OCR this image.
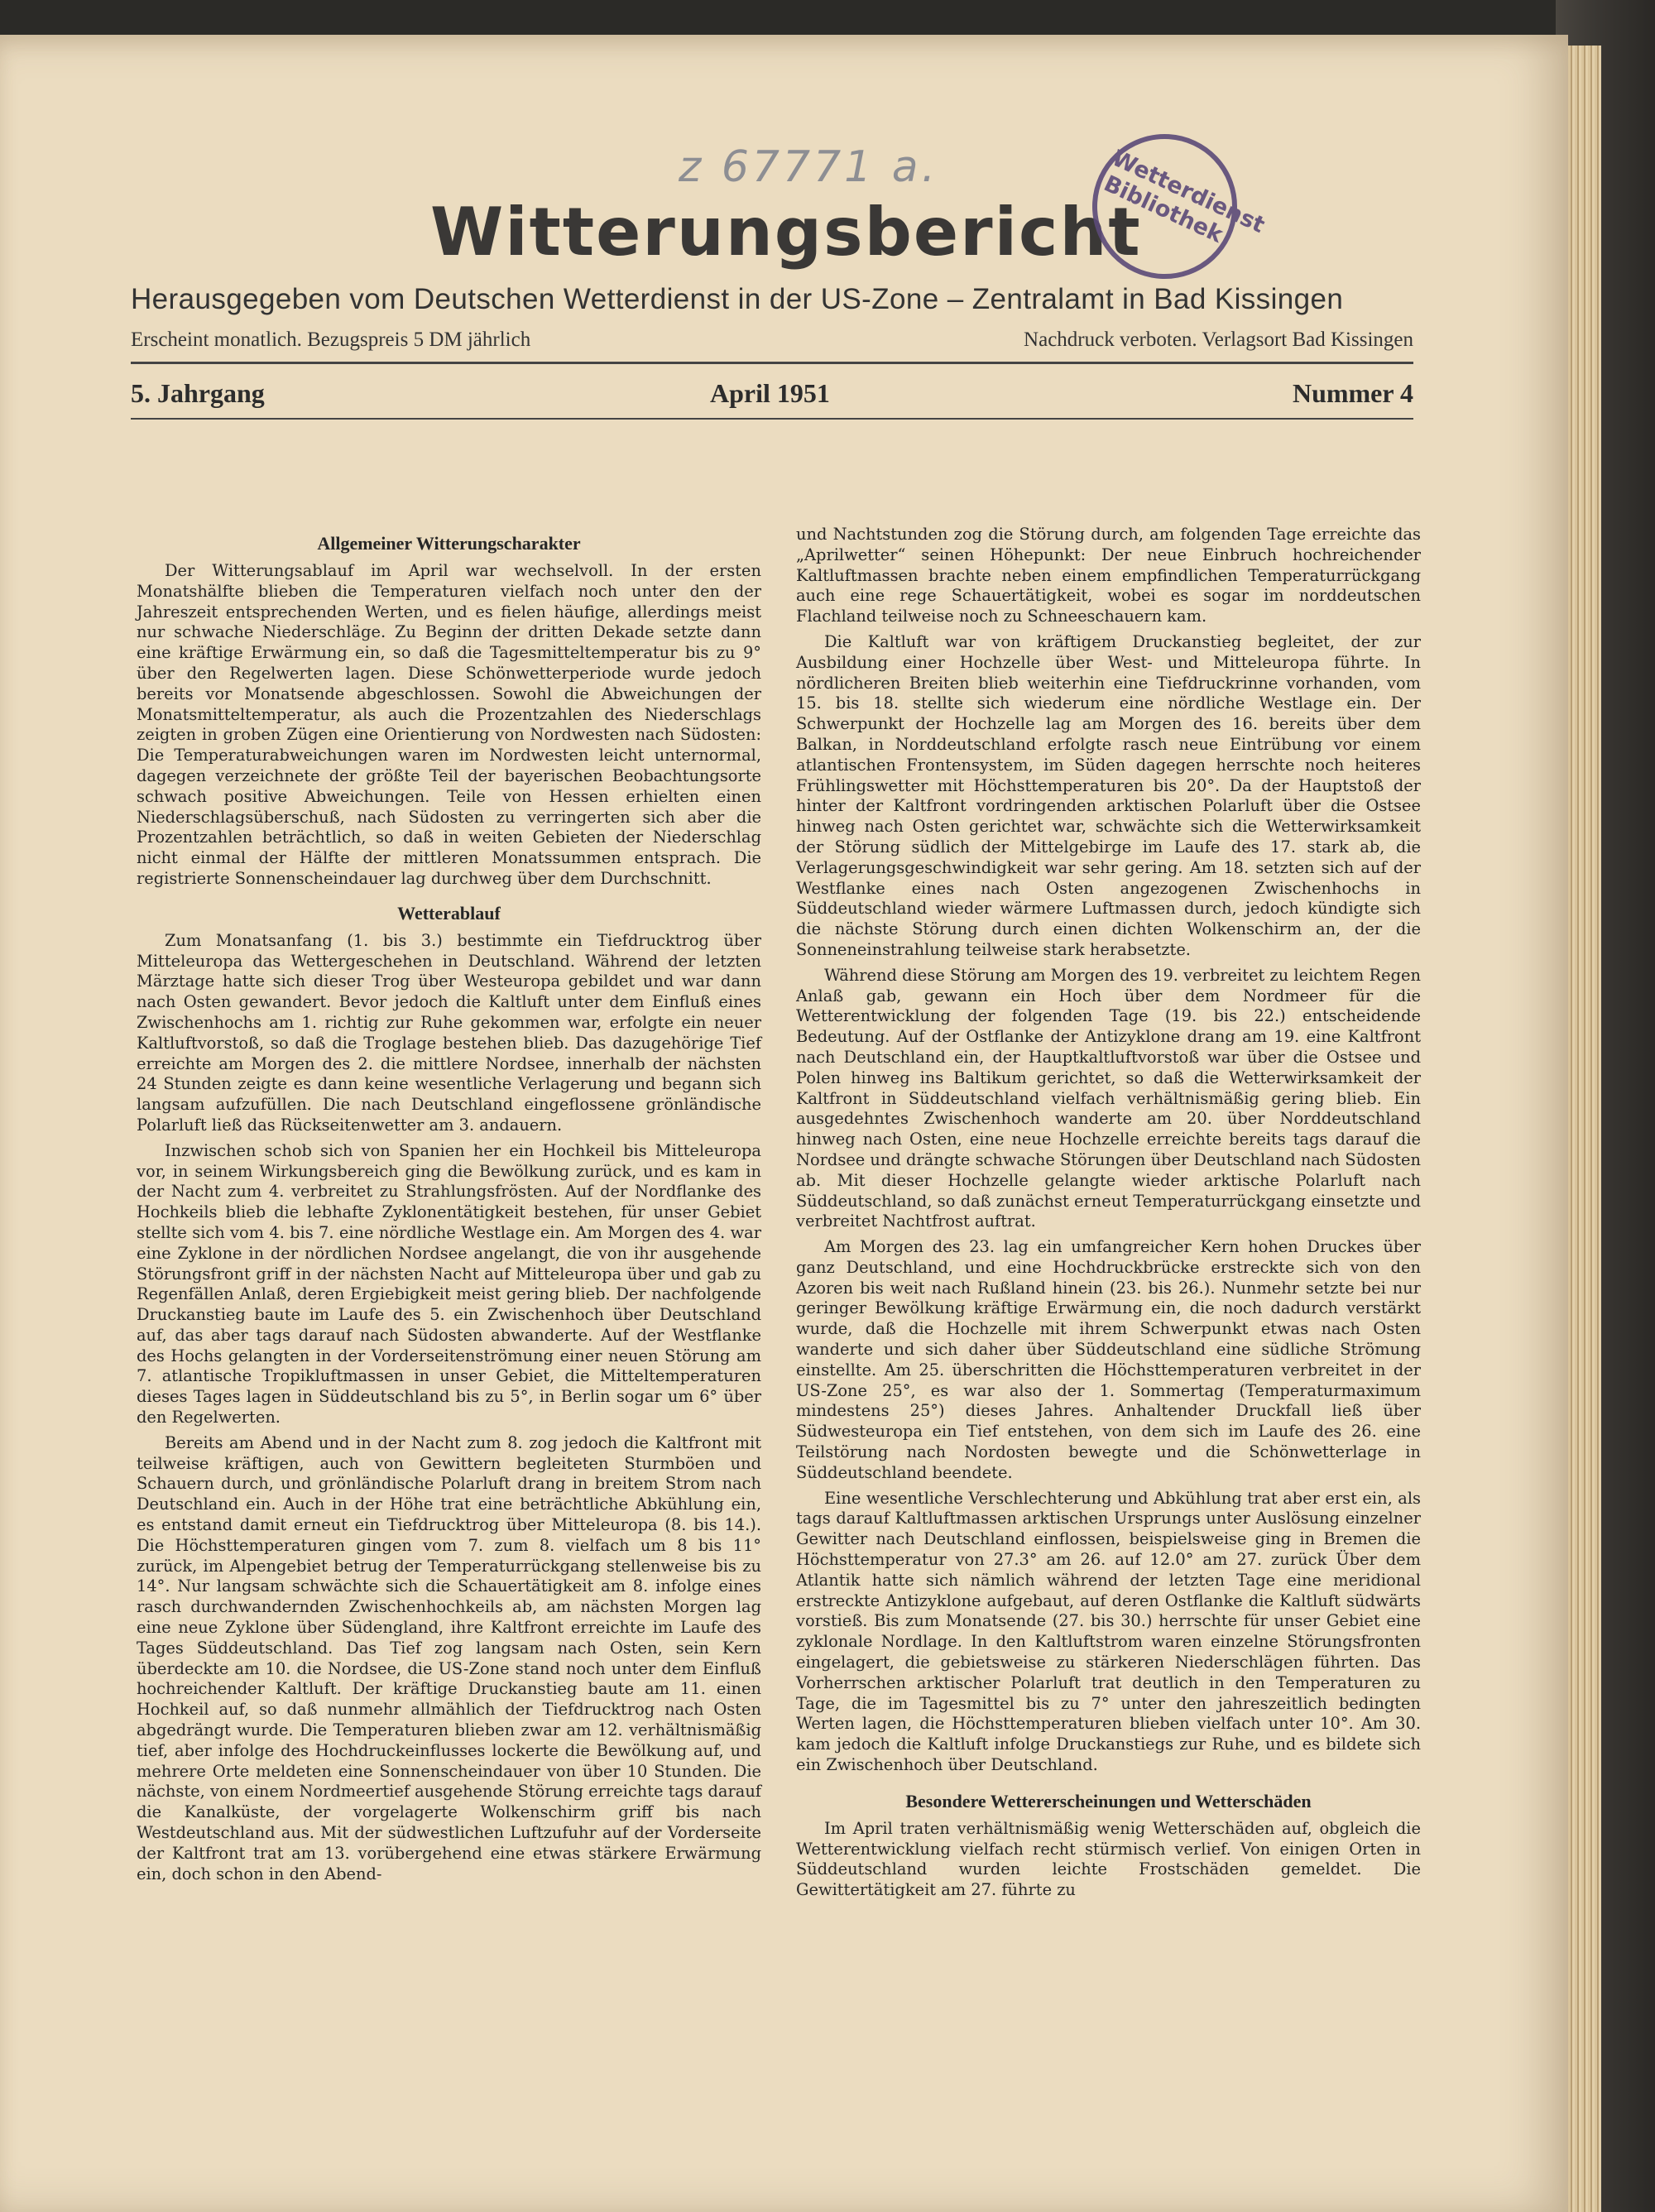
z 67771 a.
Witterungsbericht
Wetterdienst Bibliothek
Herausgegeben vom Deutschen Wetterdienst in der US-Zone – Zentralamt in Bad Kissingen
Erscheint monatlich. Bezugspreis 5 DM jährlich	Nachdruck verboten. Verlagsort Bad Kissingen
5. Jahrgang	April 1951	Nummer 4
Allgemeiner Witterungscharakter

Der Witterungsablauf im April war wechselvoll. In der ersten Monatshälfte blieben die Temperaturen vielfach noch unter den der Jahreszeit entsprechenden Werten, und es fielen häufige, allerdings meist nur schwache Niederschläge. Zu Beginn der dritten Dekade setzte dann eine kräftige Erwärmung ein, so daß die Tagesmitteltemperatur bis zu 9° über den Regelwerten lagen. Diese Schönwetterperiode wurde jedoch bereits vor Monatsende abgeschlossen. Sowohl die Abweichungen der Monatsmitteltemperatur, als auch die Prozentzahlen des Niederschlags zeigten in groben Zügen eine Orientierung von Nordwesten nach Südosten: Die Temperaturabweichungen waren im Nordwesten leicht unternormal, dagegen verzeichnete der größte Teil der bayerischen Beobachtungsorte schwach positive Abweichungen. Teile von Hessen erhielten einen Niederschlagsüberschuß, nach Südosten zu verringerten sich aber die Prozentzahlen beträchtlich, so daß in weiten Gebieten der Niederschlag nicht einmal der Hälfte der mittleren Monatssummen entsprach. Die registrierte Sonnenscheindauer lag durchweg über dem Durchschnitt.

Wetterablauf

Zum Monatsanfang (1. bis 3.) bestimmte ein Tiefdrucktrog über Mitteleuropa das Wettergeschehen in Deutschland. Während der letzten Märztage hatte sich dieser Trog über Westeuropa gebildet und war dann nach Osten gewandert. Bevor jedoch die Kaltluft unter dem Einfluß eines Zwischenhochs am 1. richtig zur Ruhe gekommen war, erfolgte ein neuer Kaltluftvorstoß, so daß die Troglage bestehen blieb. Das dazugehörige Tief erreichte am Morgen des 2. die mittlere Nordsee, innerhalb der nächsten 24 Stunden zeigte es dann keine wesentliche Verlagerung und begann sich langsam aufzufüllen. Die nach Deutschland eingeflossene grönländische Polarluft ließ das Rückseitenwetter am 3. andauern.

Inzwischen schob sich von Spanien her ein Hochkeil bis Mitteleuropa vor, in seinem Wirkungsbereich ging die Bewölkung zurück, und es kam in der Nacht zum 4. verbreitet zu Strahlungsfrösten. Auf der Nordflanke des Hochkeils blieb die lebhafte Zyklonentätigkeit bestehen, für unser Gebiet stellte sich vom 4. bis 7. eine nördliche Westlage ein. Am Morgen des 4. war eine Zyklone in der nördlichen Nordsee angelangt, die von ihr ausgehende Störungsfront griff in der nächsten Nacht auf Mitteleuropa über und gab zu Regenfällen Anlaß, deren Ergiebigkeit meist gering blieb. Der nachfolgende Druckanstieg baute im Laufe des 5. ein Zwischenhoch über Deutschland auf, das aber tags darauf nach Südosten abwanderte. Auf der Westflanke des Hochs gelangten in der Vorderseitenströmung einer neuen Störung am 7. atlantische Tropikluftmassen in unser Gebiet, die Mitteltemperaturen dieses Tages lagen in Süddeutschland bis zu 5°, in Berlin sogar um 6° über den Regelwerten.

Bereits am Abend und in der Nacht zum 8. zog jedoch die Kaltfront mit teilweise kräftigen, auch von Gewittern begleiteten Sturmböen und Schauern durch, und grönländische Polarluft drang in breitem Strom nach Deutschland ein. Auch in der Höhe trat eine beträchtliche Abkühlung ein, es entstand damit erneut ein Tiefdrucktrog über Mitteleuropa (8. bis 14.). Die Höchsttemperaturen gingen vom 7. zum 8. vielfach um 8 bis 11° zurück, im Alpengebiet betrug der Temperaturrückgang stellenweise bis zu 14°. Nur langsam schwächte sich die Schauertätigkeit am 8. infolge eines rasch durchwandernden Zwischenhochkeils ab, am nächsten Morgen lag eine neue Zyklone über Südengland, ihre Kaltfront erreichte im Laufe des Tages Süddeutschland. Das Tief zog langsam nach Osten, sein Kern überdeckte am 10. die Nordsee, die US-Zone stand noch unter dem Einfluß hochreichender Kaltluft. Der kräftige Druckanstieg baute am 11. einen Hochkeil auf, so daß nunmehr allmählich der Tiefdrucktrog nach Osten abgedrängt wurde. Die Temperaturen blieben zwar am 12. verhältnismäßig tief, aber infolge des Hochdruckeinflusses lockerte die Bewölkung auf, und mehrere Orte meldeten eine Sonnenscheindauer von über 10 Stunden. Die nächste, von einem Nordmeertief ausgehende Störung erreichte tags darauf die Kanalküste, der vorgelagerte Wolkenschirm griff bis nach Westdeutschland aus. Mit der südwestlichen Luftzufuhr auf der Vorderseite der Kaltfront trat am 13. vorübergehend eine etwas stärkere Erwärmung ein, doch schon in den Abend-

und Nachtstunden zog die Störung durch, am folgenden Tage erreichte das „Aprilwetter“ seinen Höhepunkt: Der neue Einbruch hochreichender Kaltluftmassen brachte neben einem empfindlichen Temperaturrückgang auch eine rege Schauertätigkeit, wobei es sogar im norddeutschen Flachland teilweise noch zu Schneeschauern kam.

Die Kaltluft war von kräftigem Druckanstieg begleitet, der zur Ausbildung einer Hochzelle über West- und Mitteleuropa führte. In nördlicheren Breiten blieb weiterhin eine Tiefdruckrinne vorhanden, vom 15. bis 18. stellte sich wiederum eine nördliche Westlage ein. Der Schwerpunkt der Hochzelle lag am Morgen des 16. bereits über dem Balkan, in Norddeutschland erfolgte rasch neue Eintrübung vor einem atlantischen Frontensystem, im Süden dagegen herrschte noch heiteres Frühlingswetter mit Höchsttemperaturen bis 20°. Da der Hauptstoß der hinter der Kaltfront vordringenden arktischen Polarluft über die Ostsee hinweg nach Osten gerichtet war, schwächte sich die Wetterwirksamkeit der Störung südlich der Mittelgebirge im Laufe des 17. stark ab, die Verlagerungsgeschwindigkeit war sehr gering. Am 18. setzten sich auf der Westflanke eines nach Osten angezogenen Zwischenhochs in Süddeutschland wieder wärmere Luftmassen durch, jedoch kündigte sich die nächste Störung durch einen dichten Wolkenschirm an, der die Sonneneinstrahlung teilweise stark herabsetzte.

Während diese Störung am Morgen des 19. verbreitet zu leichtem Regen Anlaß gab, gewann ein Hoch über dem Nordmeer für die Wetterentwicklung der folgenden Tage (19. bis 22.) entscheidende Bedeutung. Auf der Ostflanke der Antizyklone drang am 19. eine Kaltfront nach Deutschland ein, der Hauptkaltluftvorstoß war über die Ostsee und Polen hinweg ins Baltikum gerichtet, so daß die Wetterwirksamkeit der Kaltfront in Süddeutschland vielfach verhältnismäßig gering blieb. Ein ausgedehntes Zwischenhoch wanderte am 20. über Norddeutschland hinweg nach Osten, eine neue Hochzelle erreichte bereits tags darauf die Nordsee und drängte schwache Störungen über Deutschland nach Südosten ab. Mit dieser Hochzelle gelangte wieder arktische Polarluft nach Süddeutschland, so daß zunächst erneut Temperaturrückgang einsetzte und verbreitet Nachtfrost auftrat.

Am Morgen des 23. lag ein umfangreicher Kern hohen Druckes über ganz Deutschland, und eine Hochdruckbrücke erstreckte sich von den Azoren bis weit nach Rußland hinein (23. bis 26.). Nunmehr setzte bei nur geringer Bewölkung kräftige Erwärmung ein, die noch dadurch verstärkt wurde, daß die Hochzelle mit ihrem Schwerpunkt etwas nach Osten wanderte und sich daher über Süddeutschland eine südliche Strömung einstellte. Am 25. überschritten die Höchsttemperaturen verbreitet in der US-Zone 25°, es war also der 1. Sommertag (Temperaturmaximum mindestens 25°) dieses Jahres. Anhaltender Druckfall ließ über Südwesteuropa ein Tief entstehen, von dem sich im Laufe des 26. eine Teilstörung nach Nordosten bewegte und die Schönwetterlage in Süddeutschland beendete.

Eine wesentliche Verschlechterung und Abkühlung trat aber erst ein, als tags darauf Kaltluftmassen arktischen Ursprungs unter Auslösung einzelner Gewitter nach Deutschland einflossen, beispielsweise ging in Bremen die Höchsttemperatur von 27.3° am 26. auf 12.0° am 27. zurück Über dem Atlantik hatte sich nämlich während der letzten Tage eine meridional erstreckte Antizyklone aufgebaut, auf deren Ostflanke die Kaltluft südwärts vorstieß. Bis zum Monatsende (27. bis 30.) herrschte für unser Gebiet eine zyklonale Nordlage. In den Kaltluftstrom waren einzelne Störungsfronten eingelagert, die gebietsweise zu stärkeren Niederschlägen führten. Das Vorherrschen arktischer Polarluft trat deutlich in den Temperaturen zu Tage, die im Tagesmittel bis zu 7° unter den jahreszeitlich bedingten Werten lagen, die Höchsttemperaturen blieben vielfach unter 10°. Am 30. kam jedoch die Kaltluft infolge Druckanstiegs zur Ruhe, und es bildete sich ein Zwischenhoch über Deutschland.

Besondere Wettererscheinungen und Wetterschäden

Im April traten verhältnismäßig wenig Wetterschäden auf, obgleich die Wetterentwicklung vielfach recht stürmisch verlief. Von einigen Orten in Süddeutschland wurden leichte Frostschäden gemeldet. Die Gewittertätigkeit am 27. führte zu
